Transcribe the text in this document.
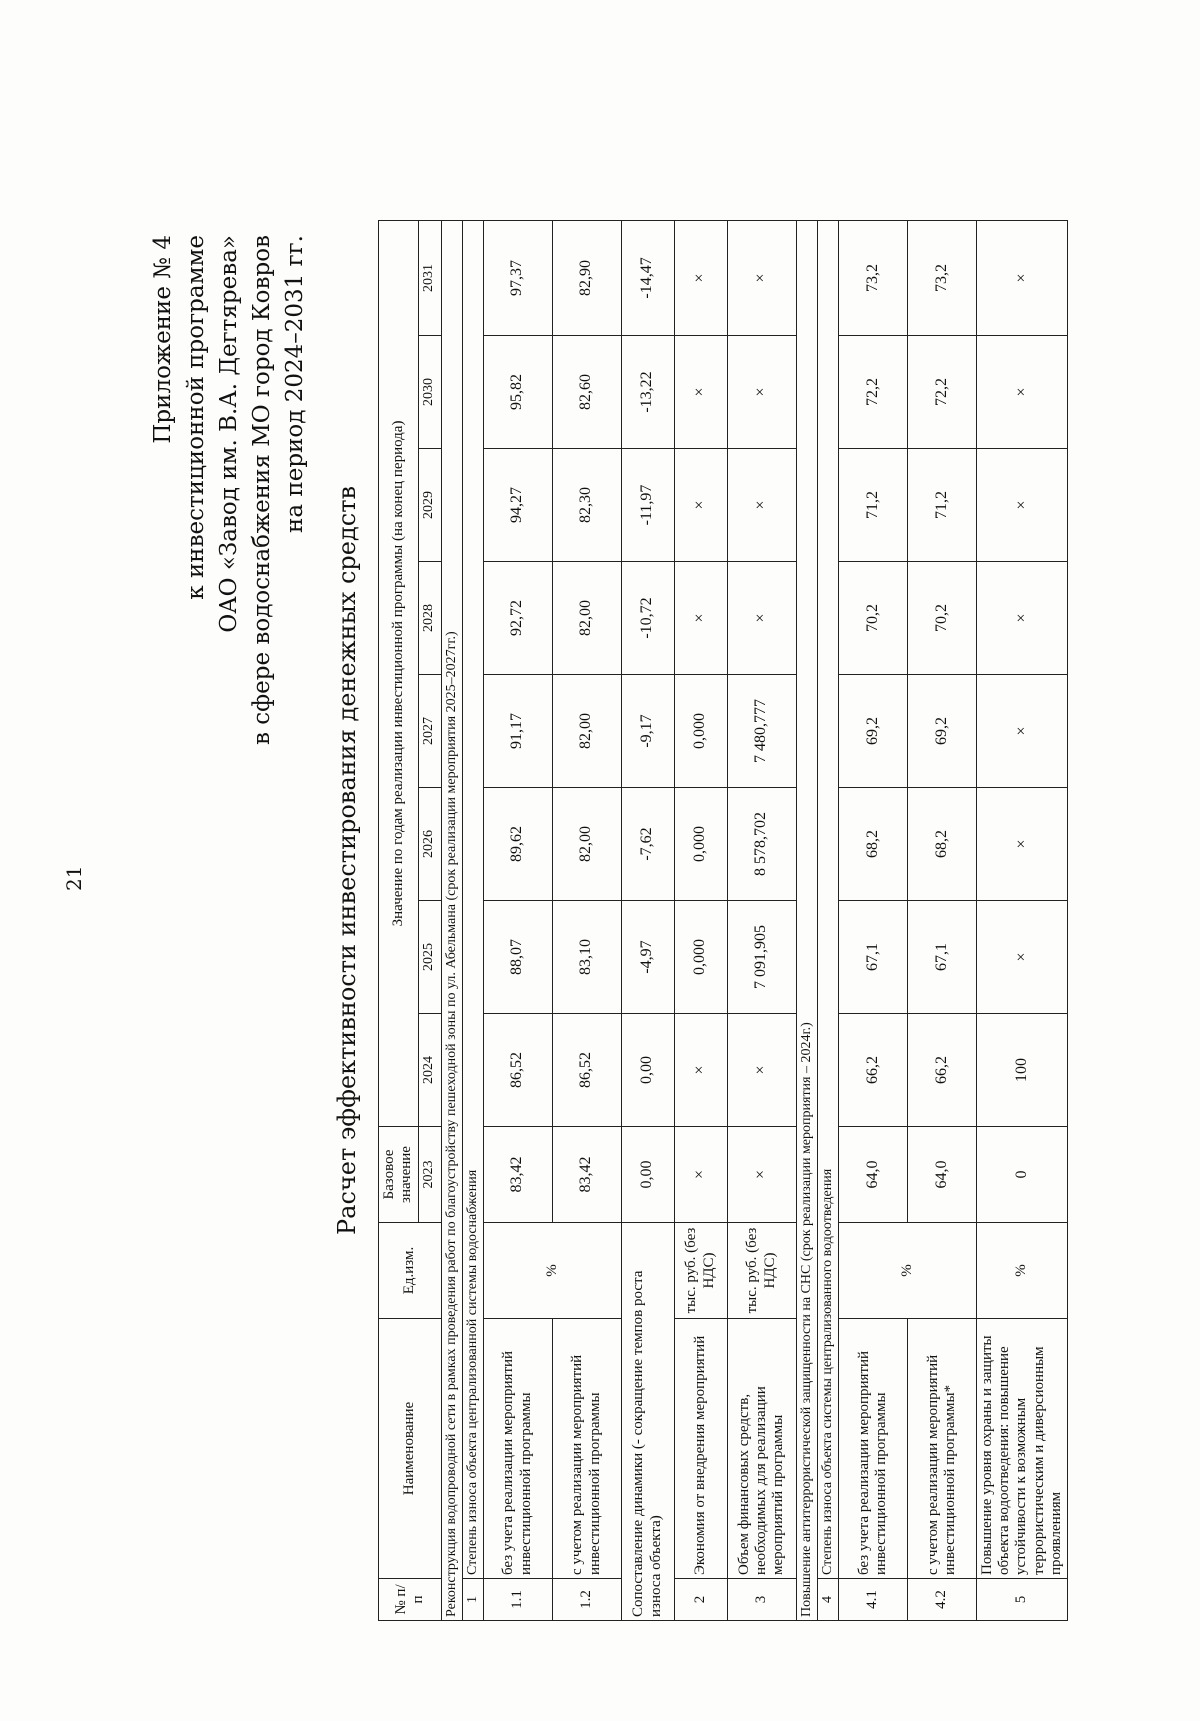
21
Приложение № 4 к инвестиционной программе ОАО «Завод им. В.А. Дегтярева» в сфере водоснабжения МО город Ковров на период 2024–2031 гг.
Расчет эффективности инвестирования денежных средств
№ п/п	Наименование	Ед.изм.	Базовое значение	Значение по годам реализации инвестиционной программы (на конец периода)							
			2023	2024	2025	2026	2027	2028	2029	2030	2031
Реконструкция водопроводной сети в рамках проведения работ по благоустройству пешеходной зоны по ул. Абельмана (срок реализации мероприятия 2025–2027гг.)											
1	Степень износа объекта централизованной системы водоснабжения										
1.1	без учета реализации мероприятий инвестиционной программы	%	83,42	86,52	88,07	89,62	91,17	92,72	94,27	95,82	97,37
1.2	с учетом реализации мероприятий инвестиционной программы		83,42	86,52	83,10	82,00	82,00	82,00	82,30	82,60	82,90
Сопоставление динамики (- сокращение темпов роста износа объекта)			0,00	0,00	-4,97	-7,62	-9,17	-10,72	-11,97	-13,22	-14,47
2	Экономия от внедрения мероприятий	тыс. руб. (без НДС)	×	×	0,000	0,000	0,000	×	×	×	×
3	Объем финансовых средств, необходимых для реализации мероприятий программы	тыс. руб. (без НДС)	×	×	7 091,905	8 578,702	7 480,777	×	×	×	×
Повышение антитеррористической защищенности на СНС (срок реализации мероприятия – 2024г.)											
4	Степень износа объекта системы централизованного водоотведения										
4.1	без учета реализации мероприятий инвестиционной программы	%	64,0	66,2	67,1	68,2	69,2	70,2	71,2	72,2	73,2
4.2	с учетом реализации мероприятий инвестиционной программы*		64,0	66,2	67,1	68,2	69,2	70,2	71,2	72,2	73,2
5	Повышение уровня охраны и защиты объекта водоотведения: повышение устойчивости к возможным террористическим и диверсионным проявлениям	%	0	100	×	×	×	×	×	×	×
